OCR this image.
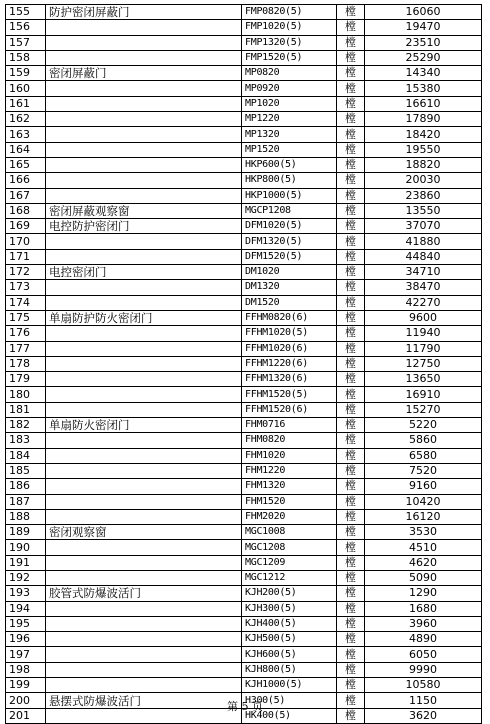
155	防护密闭屏蔽门	FMP0820(5)	樘	16060
156		FMP1020(5)	樘	19470
157		FMP1320(5)	樘	23510
158		FMP1520(5)	樘	25290
159	密闭屏蔽门	MP0820	樘	14340
160		MP0920	樘	15380
161		MP1020	樘	16610
162		MP1220	樘	17890
163		MP1320	樘	18420
164		MP1520	樘	19550
165		HKP600(5)	樘	18820
166		HKP800(5)	樘	20030
167		HKP1000(5)	樘	23860
168	密闭屏蔽观察窗	MGCP1208	樘	13550
169	电控防护密闭门	DFM1020(5)	樘	37070
170		DFM1320(5)	樘	41880
171		DFM1520(5)	樘	44840
172	电控密闭门	DM1020	樘	34710
173		DM1320	樘	38470
174		DM1520	樘	42270
175	单扇防护防火密闭门	FFHM0820(6)	樘	9600
176		FFHM1020(5)	樘	11940
177		FFHM1020(6)	樘	11790
178		FFHM1220(6)	樘	12750
179		FFHM1320(6)	樘	13650
180		FFHM1520(5)	樘	16910
181		FFHM1520(6)	樘	15270
182	单扇防火密闭门	FHM0716	樘	5220
183		FHM0820	樘	5860
184		FHM1020	樘	6580
185		FHM1220	樘	7520
186		FHM1320	樘	9160
187		FHM1520	樘	10420
188		FHM2020	樘	16120
189	密闭观察窗	MGC1008	樘	3530
190		MGC1208	樘	4510
191		MGC1209	樘	4620
192		MGC1212	樘	5090
193	胶管式防爆波活门	KJH200(5)	樘	1290
194		KJH300(5)	樘	1680
195		KJH400(5)	樘	3960
196		KJH500(5)	樘	4890
197		KJH600(5)	樘	6050
198		KJH800(5)	樘	9990
199		KJH1000(5)	樘	10580
200	悬摆式防爆波活门	H300(5)	樘	1150
201		HK400(5)	樘	3620
第 5 页
